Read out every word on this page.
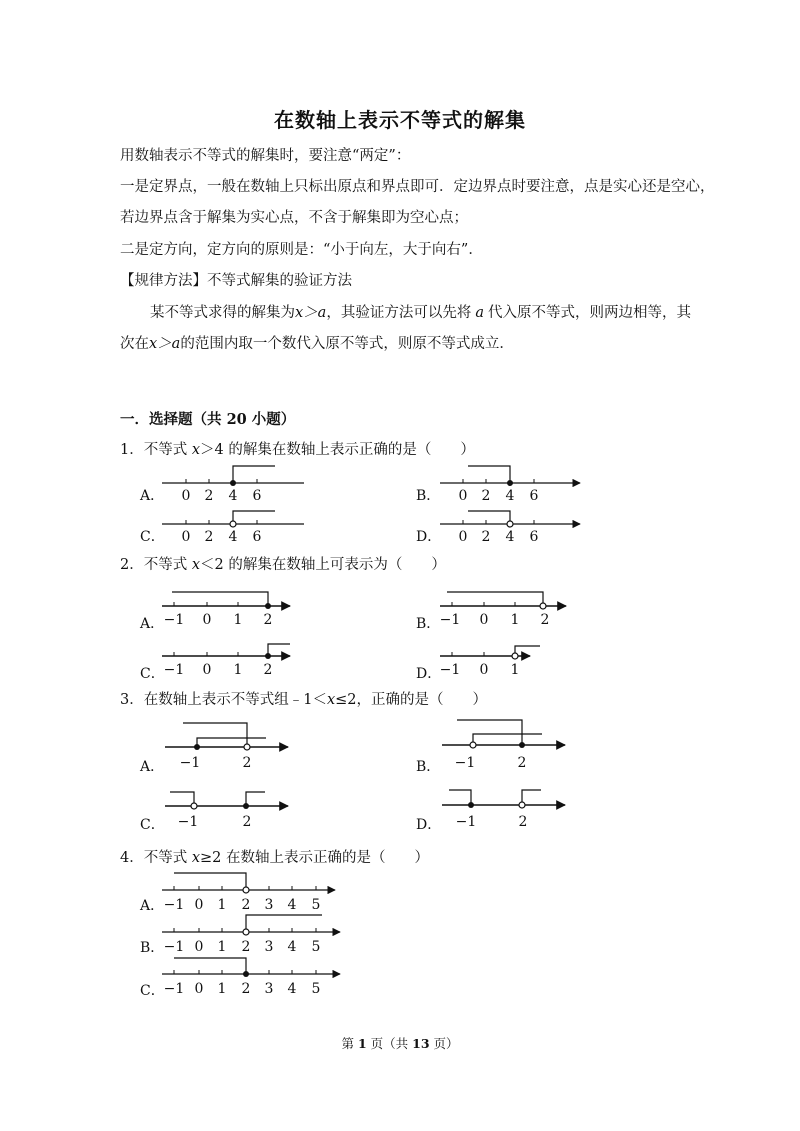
在数轴上表示不等式的解集
用数轴表示不等式的解集时，要注意“两定”：
一是定界点，一般在数轴上只标出原点和界点即可．定边界点时要注意，点是实心还是空心，
若边界点含于解集为实心点，不含于解集即为空心点；
二是定方向，定方向的原则是：“小于向左，大于向右”．
【规律方法】不等式解集的验证方法
某不等式求得的解集为x＞a，其验证方法可以先将 a 代入原不等式，则两边相等，其
次在x＞a的范围内取一个数代入原不等式，则原不等式成立．
一．选择题（共 20 小题）
1．不等式 x＞4 的解集在数轴上表示正确的是（　　）
2．不等式 x＜2 的解集在数轴上可表示为（　　）
3．在数轴上表示不等式组﹣1＜x≤2，正确的是（　　）
4．不等式 x≥2 在数轴上表示正确的是（　　）
A．	B．
C．	D．
A．	B．
C．	D．
A．	B．
C．	D．
A．
B．
C．
0 2 4 6	0 2 4 6
0 2 4 6	0 2 4 6
−1 0 1 2	−1 0 1 2
−1 0 1 2	−1 0 1
−1	2	−1	2
−1	2	−1	2
−1 0 1 2 3 4 5
−1 0 1 2 3 4 5
−1 0 1 2 3 4 5
第 1 页（共 13 页）
